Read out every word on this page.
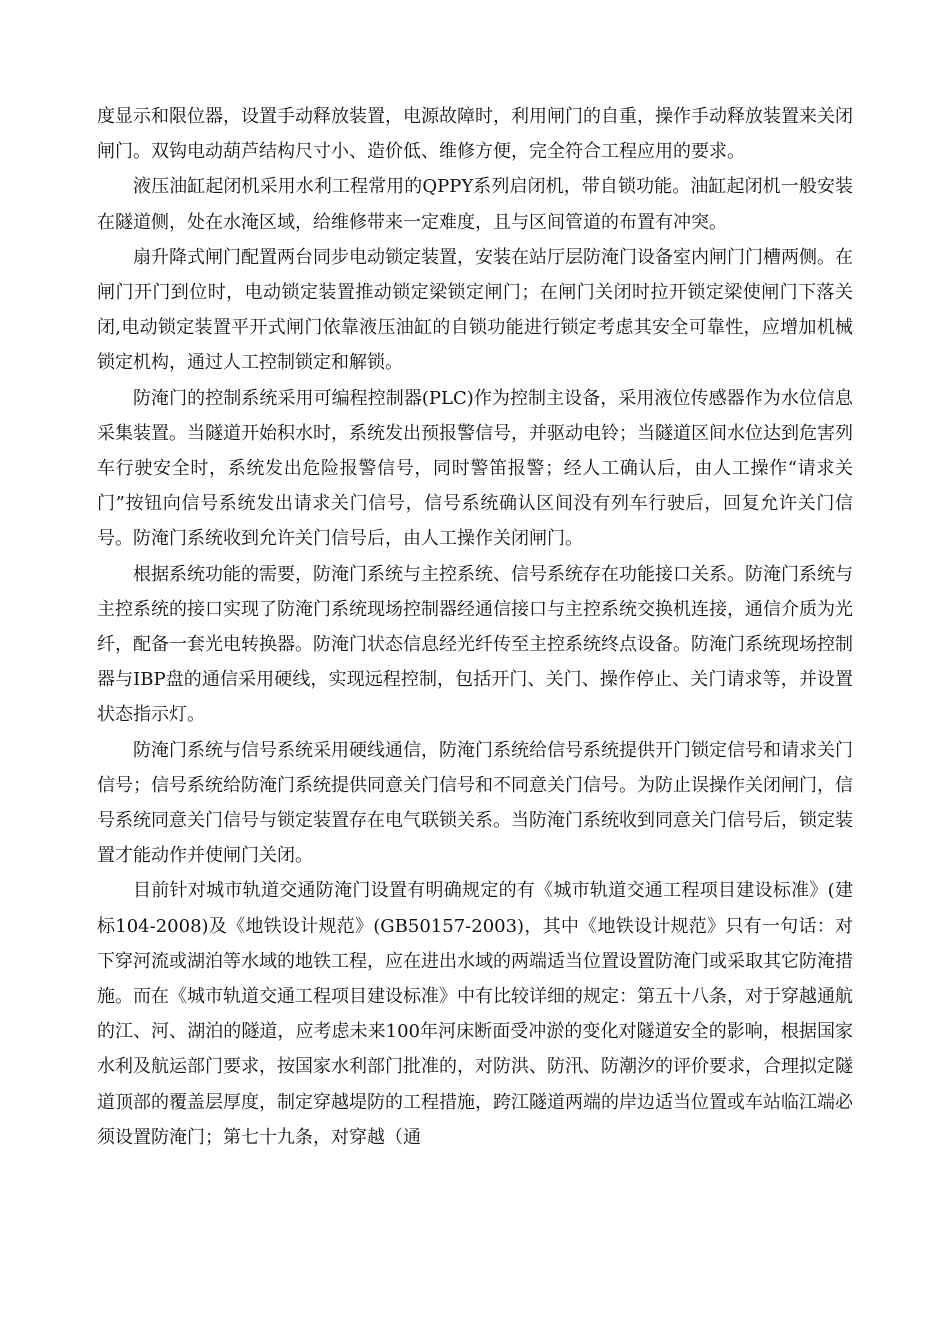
度显示和限位器，设置手动释放装置，电源故障时，利用闸门的自重，操作手动释放装置来关闭闸门。双钩电动葫芦结构尺寸小、造价低、维修方便，完全符合工程应用的要求。

液压油缸起闭机采用水利工程常用的QPPY系列启闭机，带自锁功能。油缸起闭机一般安装在隧道侧，处在水淹区域，给维修带来一定难度，且与区间管道的布置有冲突。

扇升降式闸门配置两台同步电动锁定装置，安装在站厅层防淹门设备室内闸门门槽两侧。在闸门开门到位时，电动锁定装置推动锁定梁锁定闸门；在闸门关闭时拉开锁定梁使闸门下落关闭,电动锁定装置平开式闸门依靠液压油缸的自锁功能进行锁定考虑其安全可靠性，应增加机械锁定机构，通过人工控制锁定和解锁。

防淹门的控制系统采用可编程控制器(PLC)作为控制主设备，采用液位传感器作为水位信息采集装置。当隧道开始积水时，系统发出预报警信号，并驱动电铃；当隧道区间水位达到危害列车行驶安全时，系统发出危险报警信号，同时警笛报警；经人工确认后，由人工操作“请求关门”按钮向信号系统发出请求关门信号，信号系统确认区间没有列车行驶后，回复允许关门信号。防淹门系统收到允许关门信号后，由人工操作关闭闸门。

根据系统功能的需要，防淹门系统与主控系统、信号系统存在功能接口关系。防淹门系统与主控系统的接口实现了防淹门系统现场控制器经通信接口与主控系统交换机连接，通信介质为光纤，配备一套光电转换器。防淹门状态信息经光纤传至主控系统终点设备。防淹门系统现场控制器与IBP盘的通信采用硬线，实现远程控制，包括开门、关门、操作停止、关门请求等，并设置状态指示灯。

防淹门系统与信号系统采用硬线通信，防淹门系统给信号系统提供开门锁定信号和请求关门信号；信号系统给防淹门系统提供同意关门信号和不同意关门信号。为防止误操作关闭闸门，信号系统同意关门信号与锁定装置存在电气联锁关系。当防淹门系统收到同意关门信号后，锁定装置才能动作并使闸门关闭。

目前针对城市轨道交通防淹门设置有明确规定的有《城市轨道交通工程项目建设标准》(建标104-2008)及《地铁设计规范》(GB50157-2003)，其中《地铁设计规范》只有一句话：对下穿河流或湖泊等水域的地铁工程，应在进出水域的两端适当位置设置防淹门或采取其它防淹措施。而在《城市轨道交通工程项目建设标准》中有比较详细的规定：第五十八条，对于穿越通航的江、河、湖泊的隧道，应考虑未来100年河床断面受冲淤的变化对隧道安全的影响，根据国家水利及航运部门要求，按国家水利部门批准的，对防洪、防汛、防潮汐的评价要求，合理拟定隧道顶部的覆盖层厚度，制定穿越堤防的工程措施，跨江隧道两端的岸边适当位置或车站临江端必须设置防淹门；第七十九条，对穿越（通
